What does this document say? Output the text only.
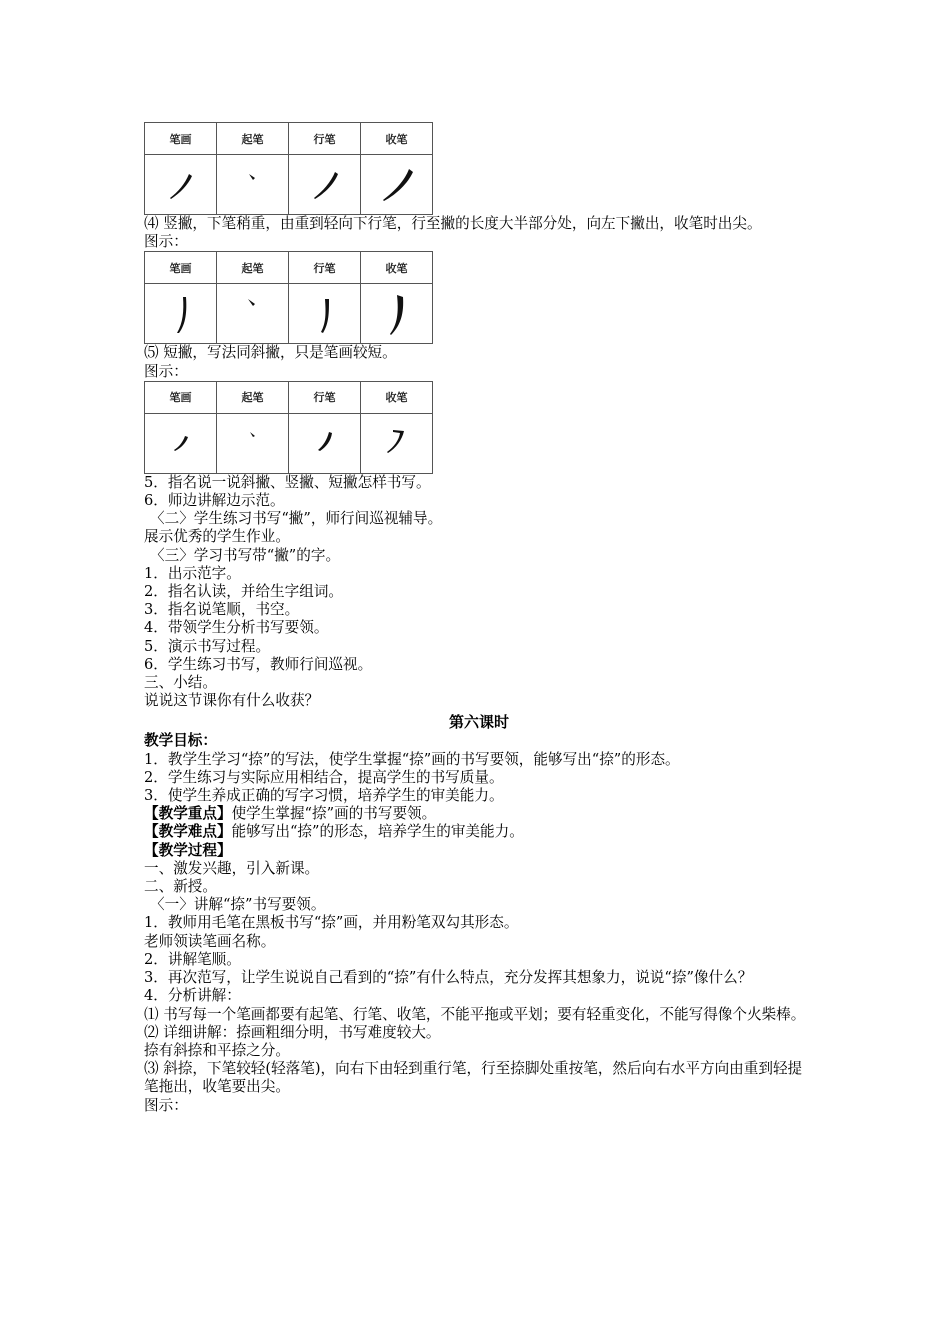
笔画	起笔	行笔	收笔

⑷ 竖撇，下笔稍重，由重到轻向下行笔，行至撇的长度大半部分处，向左下撇出，收笔时出尖。
图示：
笔画	起笔	行笔	收笔

⑸ 短撇，写法同斜撇，只是笔画较短。
图示：
笔画	起笔	行笔	收笔

5．指名说一说斜撇、竖撇、短撇怎样书写。
6．师边讲解边示范。
〈二〉学生练习书写“撇”，师行间巡视辅导。
展示优秀的学生作业。
〈三〉学习书写带“撇”的字。
1．出示范字。
2．指名认读，并给生字组词。
3．指名说笔顺，书空。
4．带领学生分析书写要领。
5．演示书写过程。
6．学生练习书写，教师行间巡视。
三、小结。
说说这节课你有什么收获？
第六课时
教学目标：
1．教学生学习“捺”的写法，使学生掌握“捺”画的书写要领，能够写出“捺”的形态。
2．学生练习与实际应用相结合，提高学生的书写质量。
3．使学生养成正确的写字习惯，培养学生的审美能力。
【教学重点】使学生掌握“捺”画的书写要领。
【教学难点】能够写出“捺”的形态，培养学生的审美能力。
【教学过程】
一、激发兴趣，引入新课。
二、新授。
〈一〉讲解“捺”书写要领。
1．教师用毛笔在黑板书写“捺”画，并用粉笔双勾其形态。
老师领读笔画名称。
2．讲解笔顺。
3．再次范写，让学生说说自己看到的“捺”有什么特点，充分发挥其想象力，说说“捺”像什么？
4．分析讲解：
⑴ 书写每一个笔画都要有起笔、行笔、收笔，不能平拖或平划；要有轻重变化，不能写得像个火柴棒。
⑵ 详细讲解：捺画粗细分明，书写难度较大。
捺有斜捺和平捺之分。
⑶ 斜捺，下笔较轻(轻落笔)，向右下由轻到重行笔，行至捺脚处重按笔，然后向右水平方向由重到轻提笔拖出，收笔要出尖。
图示：
